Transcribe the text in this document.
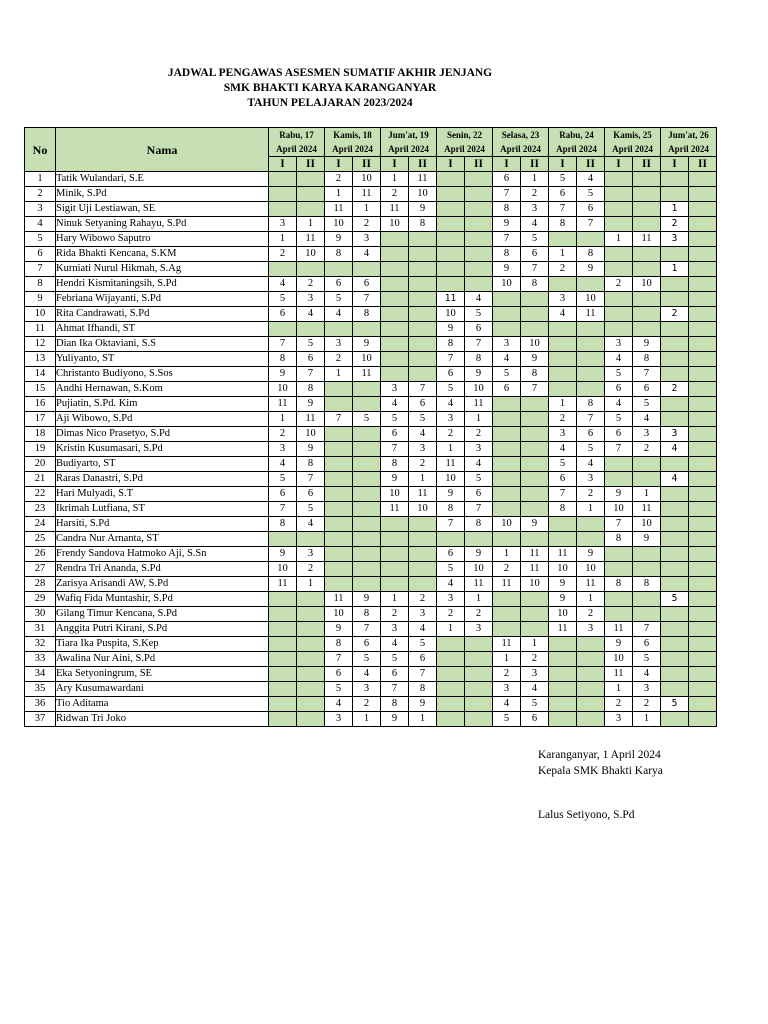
JADWAL PENGAWAS ASESMEN SUMATIF AKHIR JENJANG
SMK BHAKTI KARYA KARANGANYAR
TAHUN PELAJARAN 2023/2024
No	Nama	Rabu, 17
April 2024		Kamis, 18
April 2024		Jum'at, 19
April 2024		Senin, 22
April 2024		Selasa, 23
April 2024		Rabu, 24
April 2024		Kamis, 25
April 2024		Jum'at, 26
April 2024	
		I	II	I	II	I	II	I	II	I	II	I	II	I	II	I	II
1	Tatik Wulandari, S.E			2	10	1	11			6	1	5	4				
2	Minik, S.Pd			1	11	2	10			7	2	6	5				
3	Sigit Uji Lestiawan, SE			11	1	11	9			8	3	7	6			1	
4	Ninuk Setyaning Rahayu, S.Pd	3	1	10	2	10	8			9	4	8	7			2	
5	Hary Wibowo Saputro	1	11	9	3					7	5			1	11	3	
6	Rida Bhakti Kencana, S.KM	2	10	8	4					8	6	1	8				
7	Kurniati Nurul Hikmah, S.Ag									9	7	2	9			1	
8	Hendri Kismitaningsih, S.Pd	4	2	6	6					10	8			2	10		
9	Febriana Wijayanti, S.Pd	5	3	5	7			11	4			3	10				
10	Rita Candrawati, S.Pd	6	4	4	8			10	5			4	11			2	
11	Ahmat Ifhandi, ST							9	6								
12	Dian Ika Oktaviani, S.S	7	5	3	9			8	7	3	10			3	9		
13	Yuliyanto, ST	8	6	2	10			7	8	4	9			4	8		
14	Christanto Budiyono, S.Sos	9	7	1	11			6	9	5	8			5	7		
15	Andhi Hernawan, S.Kom	10	8			3	7	5	10	6	7			6	6	2	
16	Pujiatin, S.Pd. Kim	11	9			4	6	4	11			1	8	4	5		
17	Aji Wibowo, S.Pd	1	11	7	5	5	5	3	1			2	7	5	4		
18	Dimas Nico Prasetyo, S.Pd	2	10			6	4	2	2			3	6	6	3	3	
19	Kristin Kusumasari, S.Pd	3	9			7	3	1	3			4	5	7	2	4	
20	Budiyarto, ST	4	8			8	2	11	4			5	4				
21	Raras Danastri, S.Pd	5	7			9	1	10	5			6	3			4	
22	Hari Mulyadi, S.T	6	6			10	11	9	6			7	2	9	1		
23	Ikrimah Lutfiana, ST	7	5			11	10	8	7			8	1	10	11		
24	Harsiti, S.Pd	8	4					7	8	10	9			7	10		
25	Candra Nur Arnanta, ST													8	9		
26	Frendy Sandova Hatmoko Aji, S.Sn	9	3					6	9	1	11	11	9				
27	Rendra Tri Ananda, S.Pd	10	2					5	10	2	11	10	10				
28	Zarisya Arisandi AW, S.Pd	11	1					4	11	11	10	9	11	8	8		
29	Wafiq Fida Muntashir, S.Pd			11	9	1	2	3	1			9	1			5	
30	Gilang Timur Kencana, S.Pd			10	8	2	3	2	2			10	2				
31	Anggita Putri Kirani, S.Pd			9	7	3	4	1	3			11	3	11	7		
32	Tiara Ika Puspita, S.Kep			8	6	4	5			11	1			9	6		
33	Awalina Nur Aini, S.Pd			7	5	5	6			1	2			10	5		
34	Eka Setyoningrum, SE			6	4	6	7			2	3			11	4		
35	Ary Kusumawardani			5	3	7	8			3	4			1	3		
36	Tio Aditama			4	2	8	9			4	5			2	2	5	
37	Ridwan Tri Joko			3	1	9	1			5	6			3	1		
Karanganyar, 1 April 2024
Kepala SMK Bhakti Karya
Lalus Setiyono, S.Pd
